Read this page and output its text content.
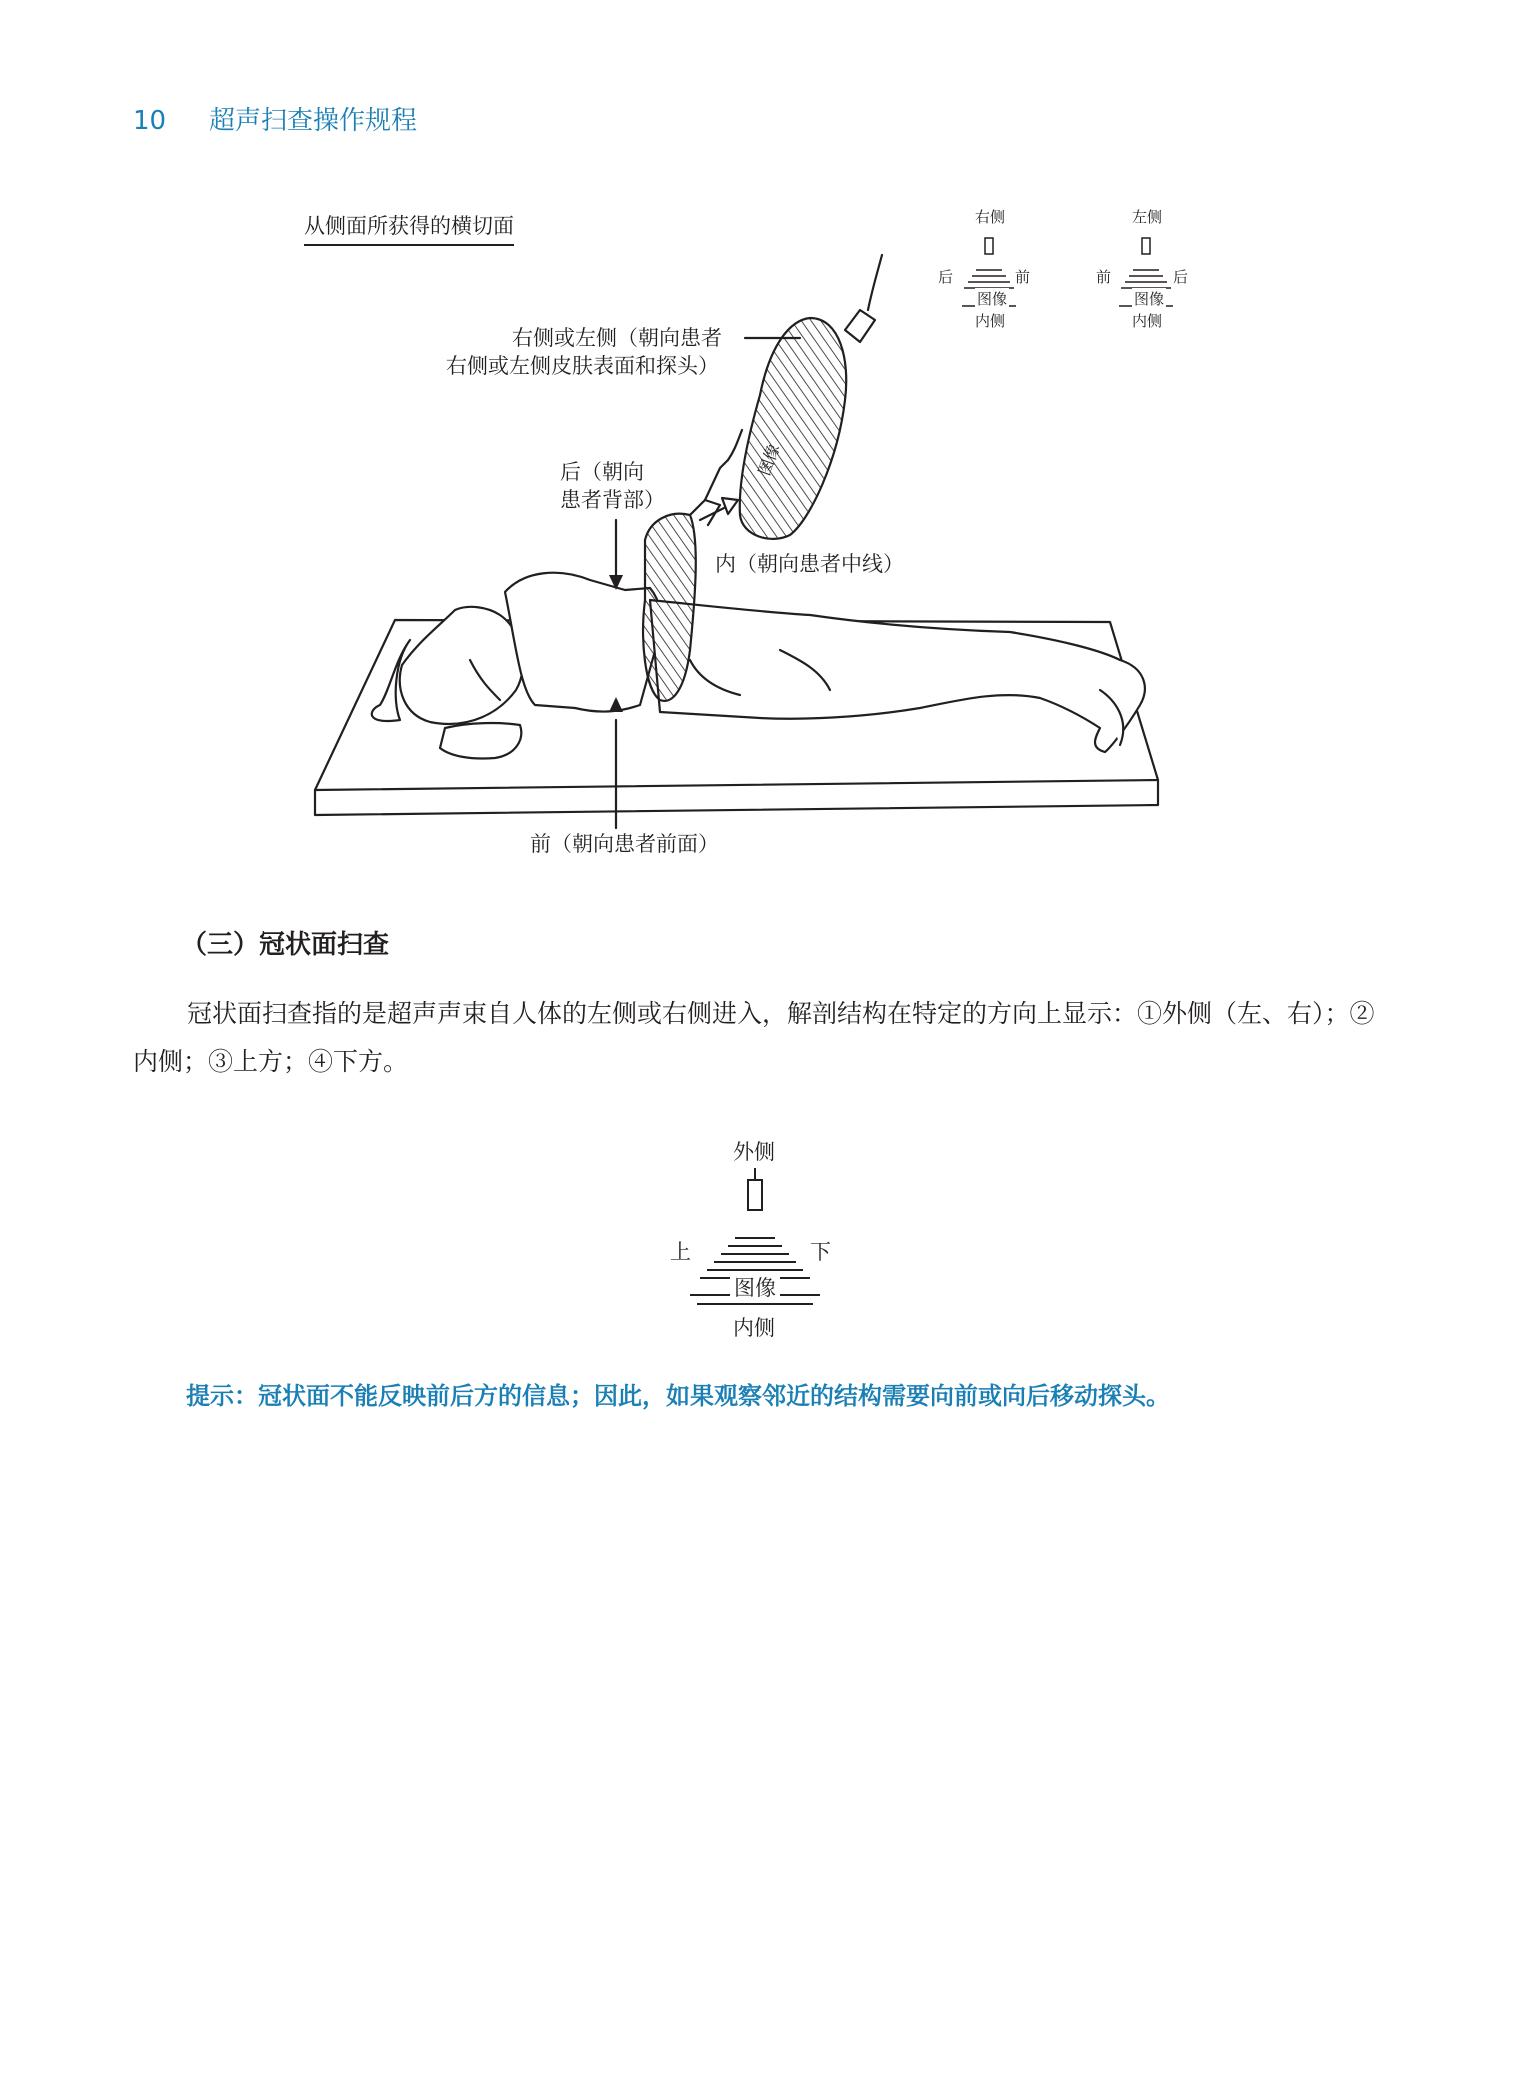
10 超声扫查操作规程
从侧面所获得的横切面
右侧或左侧（朝向患者
右侧或左侧皮肤表面和探头）
后（朝向
患者背部）
内（朝向患者中线）
前（朝向患者前面）
图像
右侧
后	前
图像
内侧
左侧
前	后
图像
内侧
（三）冠状面扫查
冠状面扫查指的是超声声束自人体的左侧或右侧进入，解剖结构在特定的方向上显示：①外侧（左、右）；②内侧；③上方；④下方。
外侧
上	下
图像
内侧
提示：冠状面不能反映前后方的信息；因此，如果观察邻近的结构需要向前或向后移动探头。
